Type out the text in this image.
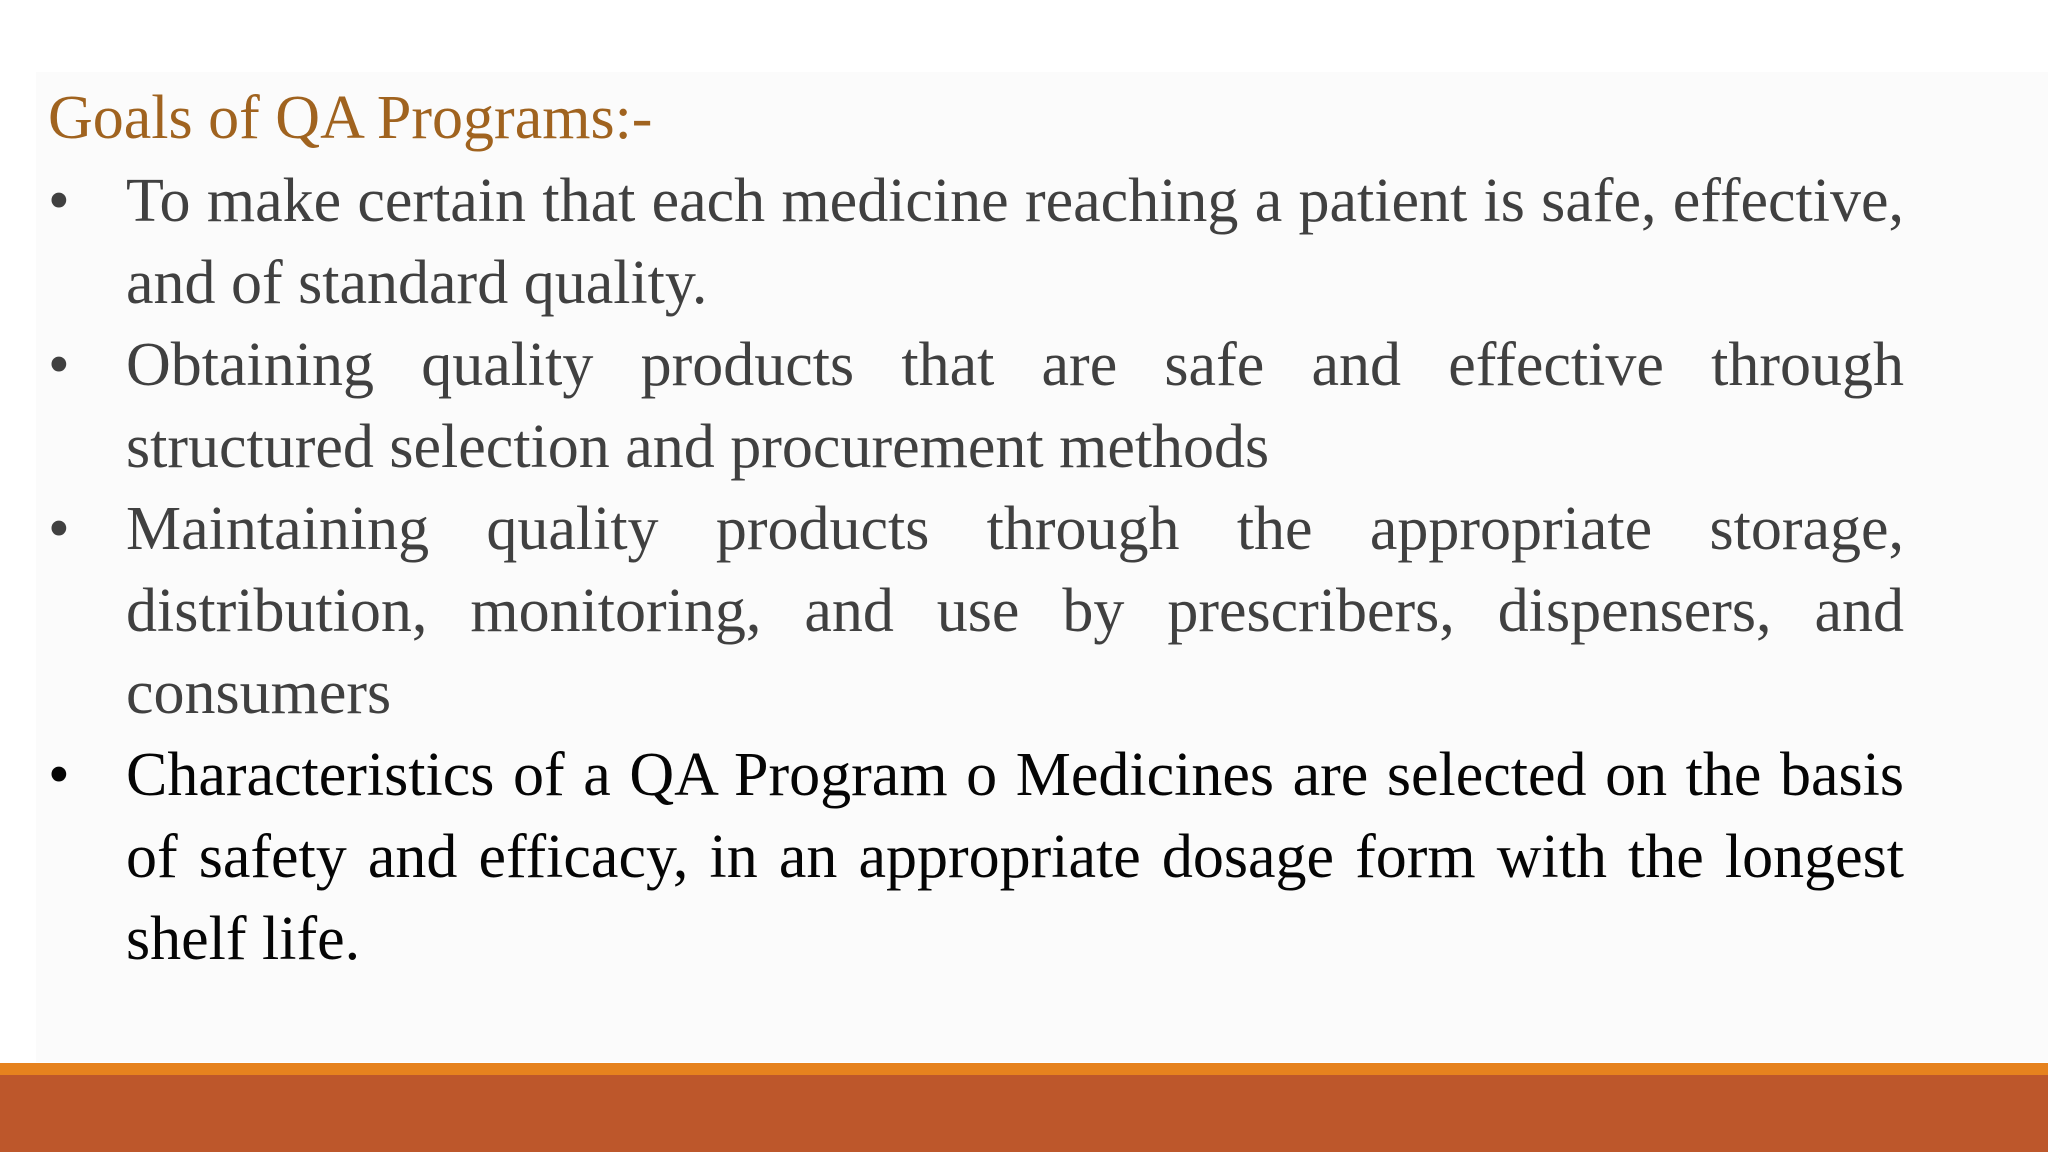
Goals of QA Programs:-
• To make certain that each medicine reaching a patient is safe, effective, and of standard quality.
• Obtaining quality products that are safe and effective through structured selection and procurement methods
• Maintaining quality products through the appropriate storage, distribution, monitoring, and use by prescribers, dispensers, and consumers
• Characteristics of a QA Program o Medicines are selected on the basis of safety and efficacy, in an appropriate dosage form with the longest shelf life.
